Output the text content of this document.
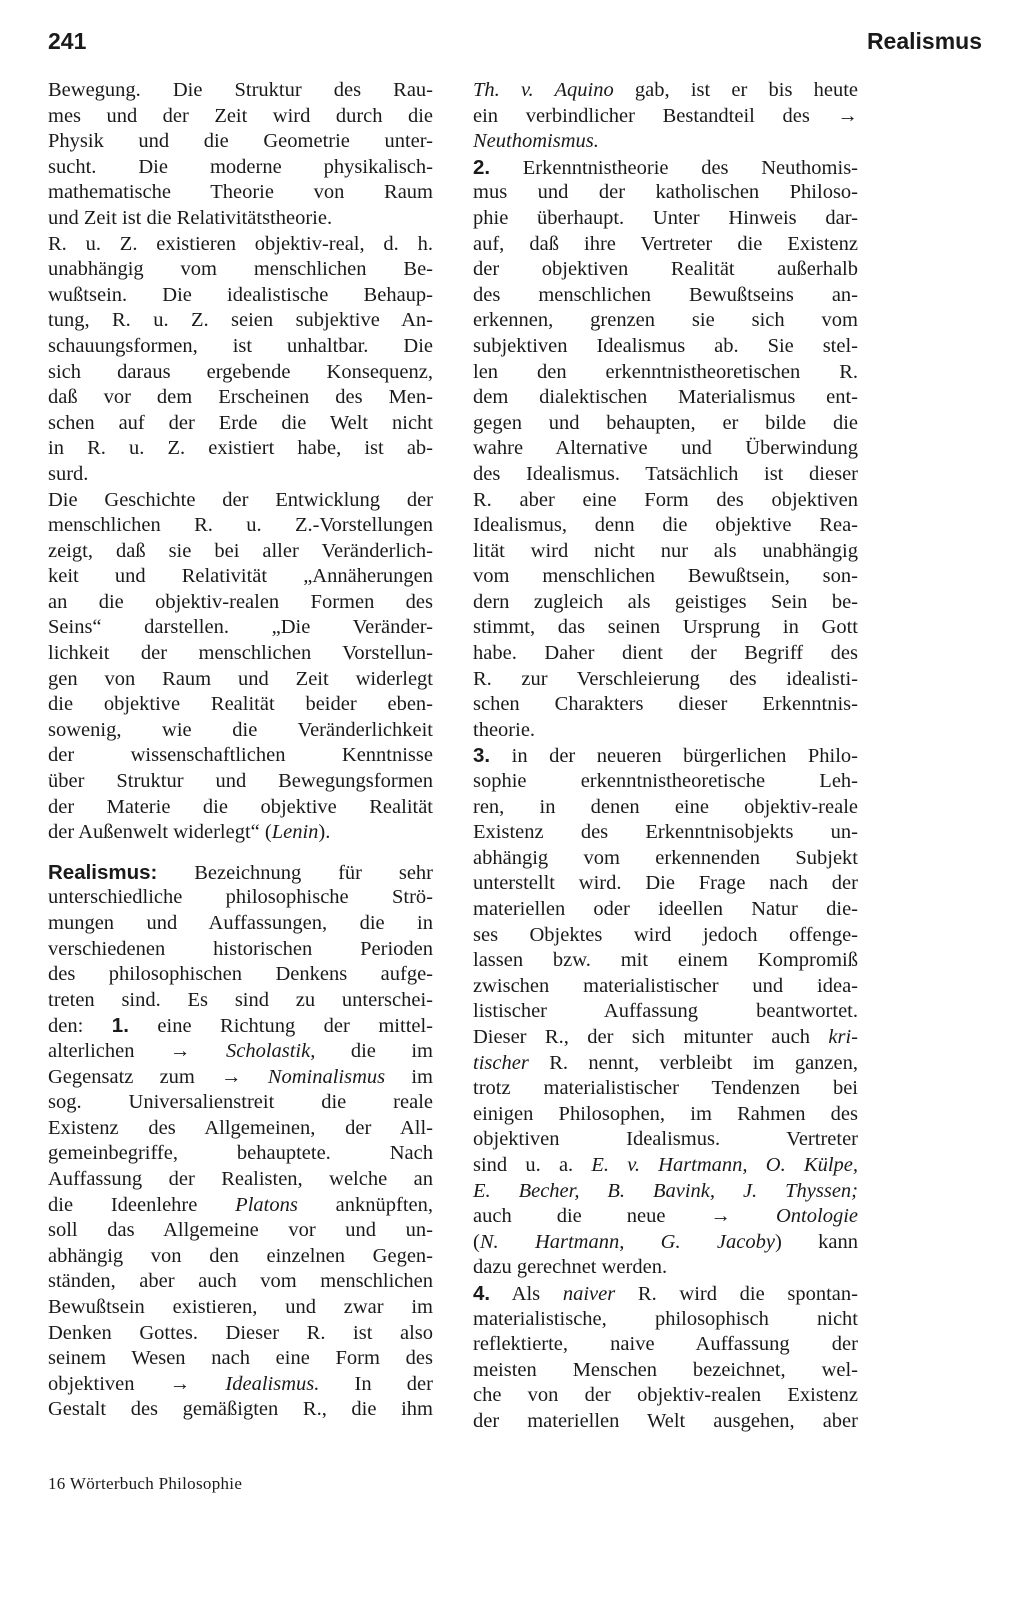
241	Realismus
Bewegung. Die Struktur des Rau-
mes und der Zeit wird durch die
Physik und die Geometrie unter-
sucht. Die moderne physikalisch-
mathematische Theorie von Raum
und Zeit ist die Relativitätstheorie.
R. u. Z. existieren objektiv-real, d. h.
unabhängig vom menschlichen Be-
wußtsein. Die idealistische Behaup-
tung, R. u. Z. seien subjektive An-
schauungsformen, ist unhaltbar. Die
sich daraus ergebende Konsequenz,
daß vor dem Erscheinen des Men-
schen auf der Erde die Welt nicht
in R. u. Z. existiert habe, ist ab-
surd.
Die Geschichte der Entwicklung der
menschlichen R. u. Z.-Vorstellungen
zeigt, daß sie bei aller Veränderlich-
keit und Relativität „Annäherungen
an die objektiv-realen Formen des
Seins“ darstellen. „Die Veränder-
lichkeit der menschlichen Vorstellun-
gen von Raum und Zeit widerlegt
die objektive Realität beider eben-
sowenig, wie die Veränderlichkeit
der wissenschaftlichen Kenntnisse
über Struktur und Bewegungsformen
der Materie die objektive Realität
der Außenwelt widerlegt“ (Lenin).
Realismus: Bezeichnung für sehr
unterschiedliche philosophische Strö-
mungen und Auffassungen, die in
verschiedenen historischen Perioden
des philosophischen Denkens aufge-
treten sind. Es sind zu unterschei-
den: 1. eine Richtung der mittel-
alterlichen → Scholastik, die im
Gegensatz zum → Nominalismus im
sog. Universalienstreit die reale
Existenz des Allgemeinen, der All-
gemeinbegriffe, behauptete. Nach
Auffassung der Realisten, welche an
die Ideenlehre Platons anknüpften,
soll das Allgemeine vor und un-
abhängig von den einzelnen Gegen-
ständen, aber auch vom menschlichen
Bewußtsein existieren, und zwar im
Denken Gottes. Dieser R. ist also
seinem Wesen nach eine Form des
objektiven → Idealismus. In der
Gestalt des gemäßigten R., die ihm
Th. v. Aquino gab, ist er bis heute
ein verbindlicher Bestandteil des →
Neuthomismus.
2. Erkenntnistheorie des Neuthomis-
mus und der katholischen Philoso-
phie überhaupt. Unter Hinweis dar-
auf, daß ihre Vertreter die Existenz
der objektiven Realität außerhalb
des menschlichen Bewußtseins an-
erkennen, grenzen sie sich vom
subjektiven Idealismus ab. Sie stel-
len den erkenntnistheoretischen R.
dem dialektischen Materialismus ent-
gegen und behaupten, er bilde die
wahre Alternative und Überwindung
des Idealismus. Tatsächlich ist dieser
R. aber eine Form des objektiven
Idealismus, denn die objektive Rea-
lität wird nicht nur als unabhängig
vom menschlichen Bewußtsein, son-
dern zugleich als geistiges Sein be-
stimmt, das seinen Ursprung in Gott
habe. Daher dient der Begriff des
R. zur Verschleierung des idealisti-
schen Charakters dieser Erkenntnis-
theorie.
3. in der neueren bürgerlichen Philo-
sophie erkenntnistheoretische Leh-
ren, in denen eine objektiv-reale
Existenz des Erkenntnisobjekts un-
abhängig vom erkennenden Subjekt
unterstellt wird. Die Frage nach der
materiellen oder ideellen Natur die-
ses Objektes wird jedoch offenge-
lassen bzw. mit einem Kompromiß
zwischen materialistischer und idea-
listischer Auffassung beantwortet.
Dieser R., der sich mitunter auch kri-
tischer R. nennt, verbleibt im ganzen,
trotz materialistischer Tendenzen bei
einigen Philosophen, im Rahmen des
objektiven Idealismus. Vertreter
sind u. a. E. v. Hartmann, O. Külpe,
E. Becher, B. Bavink, J. Thyssen;
auch die neue → Ontologie
(N. Hartmann, G. Jacoby) kann
dazu gerechnet werden.
4. Als naiver R. wird die spontan-
materialistische, philosophisch nicht
reflektierte, naive Auffassung der
meisten Menschen bezeichnet, wel-
che von der objektiv-realen Existenz
der materiellen Welt ausgehen, aber
16 Wörterbuch Philosophie
